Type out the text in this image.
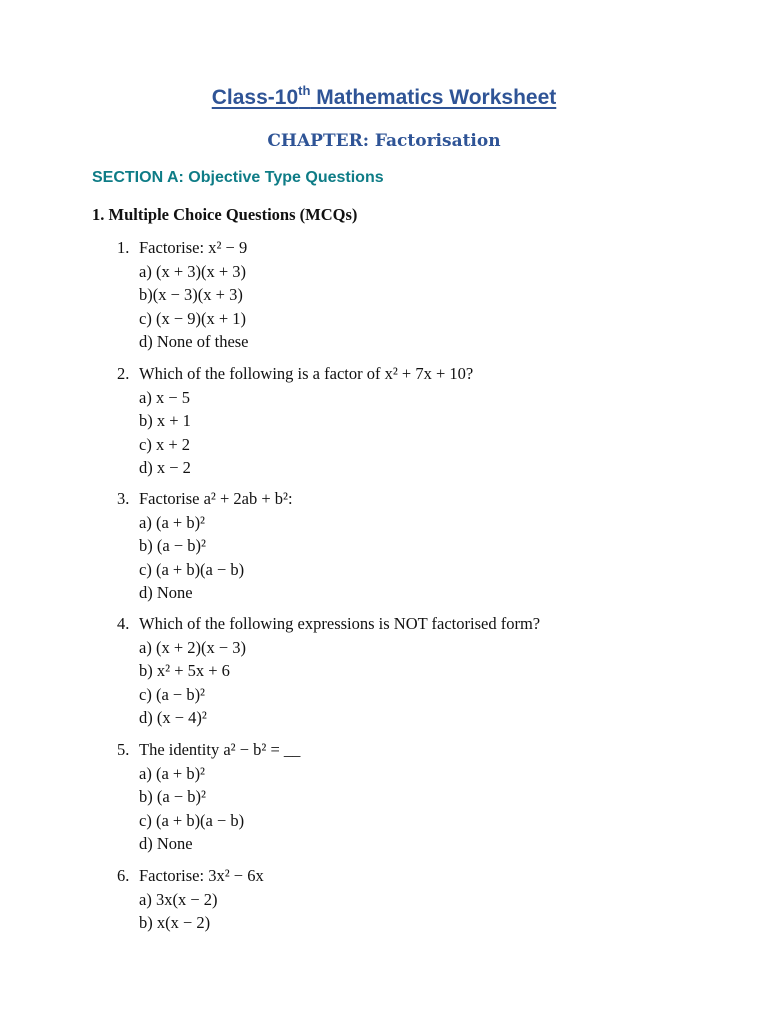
Class-10th Mathematics Worksheet
CHAPTER: Factorisation
SECTION A: Objective Type Questions
1. Multiple Choice Questions (MCQs)
1. Factorise: x² − 9
a) (x + 3)(x + 3)
b)(x − 3)(x + 3)
c) (x − 9)(x + 1)
d) None of these
2. Which of the following is a factor of x² + 7x + 10?
a) x − 5
b) x + 1
c) x + 2
d) x − 2
3. Factorise a² + 2ab + b²:
a) (a + b)²
b) (a − b)²
c) (a + b)(a − b)
d) None
4. Which of the following expressions is NOT factorised form?
a) (x + 2)(x − 3)
b) x² + 5x + 6
c) (a − b)²
d) (x − 4)²
5. The identity a² − b² = __
a) (a + b)²
b) (a − b)²
c) (a + b)(a − b)
d) None
6. Factorise: 3x² − 6x
a) 3x(x − 2)
b) x(x − 2)
